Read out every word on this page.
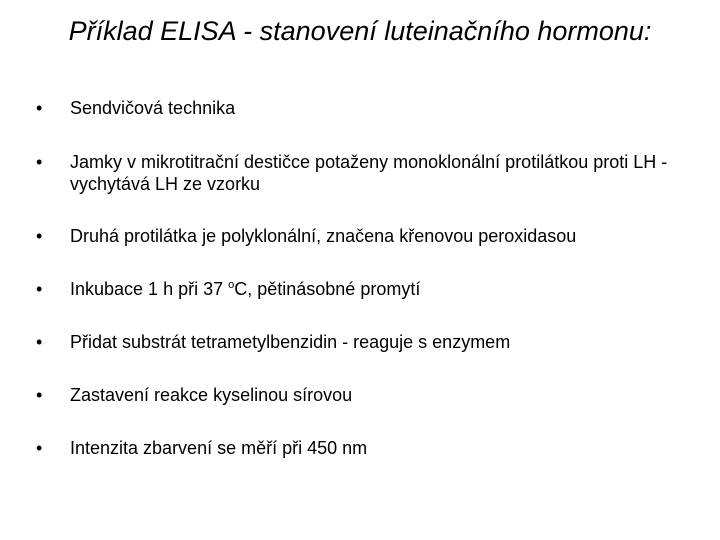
Příklad ELISA - stanovení luteinačního hormonu:
•	Sendvičová technika
•	Jamky v mikrotitrační destičce potaženy monoklonální protilátkou proti LH - vychytává LH ze vzorku
•	Druhá protilátka je polyklonální, značena křenovou peroxidasou
•	Inkubace 1 h při 37 $^o$C, pětinásobné promytí
•	Přidat substrát tetrametylbenzidin - reaguje s enzymem
•	Zastavení reakce kyselinou sírovou
•	Intenzita zbarvení se měří při 450 nm
